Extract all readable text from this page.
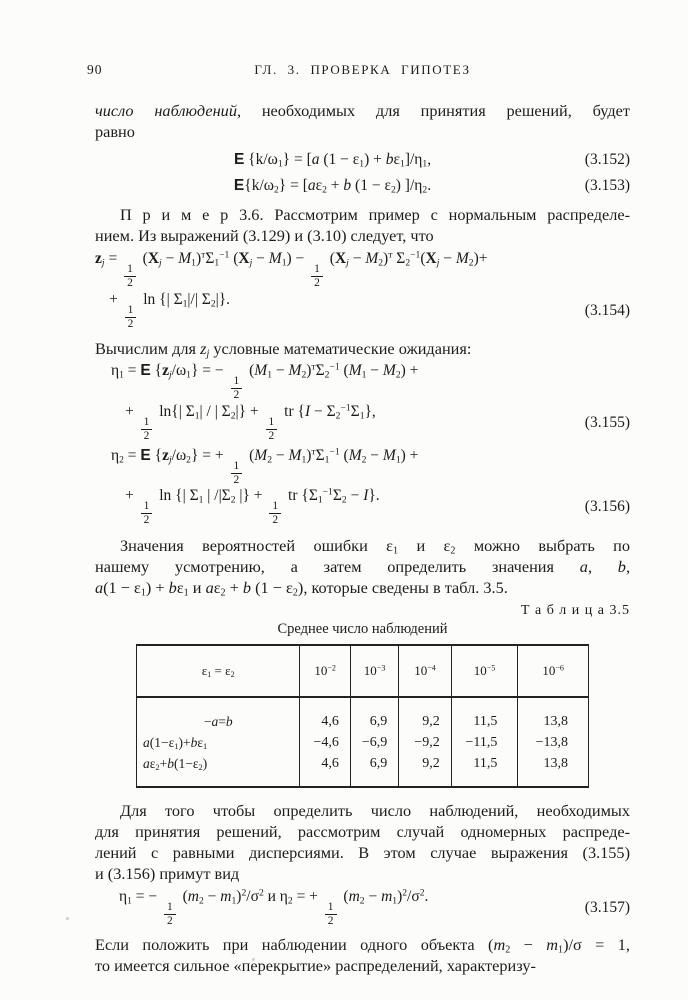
90	ГЛ. 3. ПРОВЕРКА ГИПОТЕЗ

число наблюдений, необходимых для принятия решений, будет
равно

E $\{k/\omega_1\} = [a$ $(1 - \varepsilon_1) + b\varepsilon_1]/\eta_1$,	(3.152)
$E\{k/\omega_2\} = [a\varepsilon_2 + b$ $(1 - \varepsilon_2)$ ]$/\eta_2$.	(3.153)

П р и м е р 3.6. Рассмотрим пример с нормальным распределе-
нием. Из выражений (3.129) и (3.10) следует, что

$z_j$ =
$\frac{1}{2}$
$(X_j - M_1)^т\Sigma_1^{-1}$ $(X_j - M_1)$ −
$\frac{1}{2}$
$(X_j - M_2)^т$ $\Sigma_2^{-1}(X_j - M_2)+$
+
$\frac{1}{2}$
ln {| $\Sigma_1|/|$ $\Sigma_2|$}.
(3.154)

Вычислим для $z_j$ условные математические ожидания:

$\eta_1 = E$ $\{z_j/\omega_1\}$ = −
$\frac{1}{2}$
$(M_1 - M_2)^т\Sigma_2^{-1}$ $(M_1 - M_2)$ +
+
$\frac{1}{2}$
ln{| $\Sigma_1|$ / | $\Sigma_2|$} +
$\frac{1}{2}$
tr $\{I - \Sigma_2^{-1}\Sigma_1\}$,
(3.155)
$\eta_2 = E$ $\{z_j/\omega_2\}$ = +
$\frac{1}{2}$
$(M_2 - M_1)^т\Sigma_1^{-1}$ $(M_2 - M_1)$ +
+
$\frac{1}{2}$
ln {| $\Sigma_1$ | $/|\Sigma_2$ |} +
$\frac{1}{2}$
tr $\{\Sigma_1^{-1}\Sigma_2 - I\}$.
(3.156)

Значения вероятностей ошибки $\varepsilon_1$ и $\varepsilon_2$ можно выбрать по
нашему усмотрению, а затем определить значения a, b,
$a(1 - \varepsilon_1) + b\varepsilon_1$ и $a\varepsilon_2 + b$ $(1 - \varepsilon_2)$, которые сведены в табл. 3.5.

Т а б л и ц а 3.5
Среднее число наблюдений
$\varepsilon_1 = \varepsilon_2$	$10^{-2}$	$10^{-3}$	$10^{-4}$	$10^{-5}$	$10^{-6}$
−a=b	4,6	6,9	9,2	11,5	13,8
$a(1-\varepsilon_1)+b\varepsilon_1$	−4,6	−6,9	−9,2	−11,5	−13,8
$a\varepsilon_2+b(1-\varepsilon_2)$	4,6	6,9	9,2	11,5	13,8

Для того чтобы определить число наблюдений, необходимых
для принятия решений, рассмотрим случай одномерных распреде-
лений с равными дисперсиями. В этом случае выражения (3.155)
и (3.156) примут вид

$\eta_1$ = −
$\frac{1}{2}$
$(m_2 - m_1)^2/\sigma^2$ и $\eta_2$ = +
$\frac{1}{2}$
$(m_2 - m_1)^2/\sigma^2$.
(3.157)

Если положить при наблюдении одного объекта $(m_2 - m_1)/\sigma = 1$,
то имеется сильное «перекрытие» распределений, характеризу-
